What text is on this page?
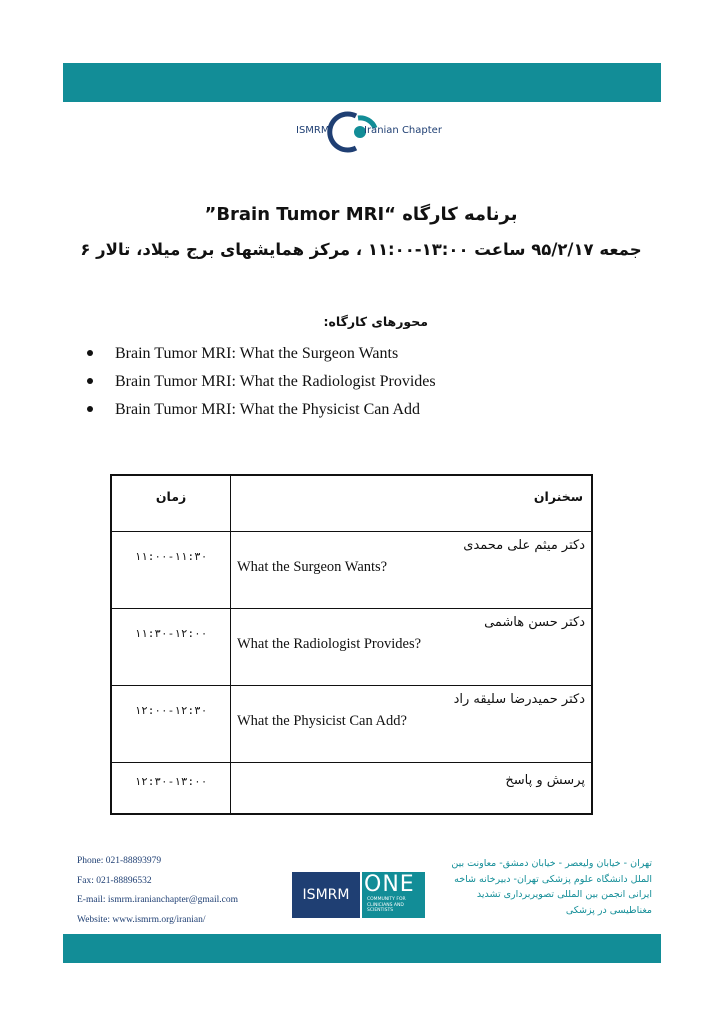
ISMRM	Iranian Chapter
برنامه کارگاه “Brain Tumor MRI”
جمعه ۹۵/۲/۱۷ ساعت ۱۳:۰۰-۱۱:۰۰ ، مرکز همایشهای برج میلاد، تالار ۶
محورهای کارگاه:
Brain Tumor MRI: What the Surgeon Wants
Brain Tumor MRI: What the Radiologist Provides
Brain Tumor MRI: What the Physicist Can Add
زمان	سخنران
۱۱:۰۰-۱۱:۳۰	دکتر میثم علی محمدی
What the Surgeon Wants?

۱۱:۳۰-۱۲:۰۰	دکتر حسن هاشمی
What the Radiologist Provides?

۱۲:۰۰-۱۲:۳۰	دکتر حمیدرضا سلیقه راد
What the Physicist Can Add?

۱۲:۳۰-۱۳:۰۰	پرسش و پاسخ
Phone: 021-88893979
Fax: 021-88896532
E-mail: ismrm.iranianchapter@gmail.com
Website: www.ismrm.org/iranian/
ISMRM ONE
COMMUNITY FOR CLINICIANS AND SCIENTISTS
تهران - خیابان ولیعصر - خیابان دمشق- معاونت بین الملل دانشگاه علوم پزشکی تهران- دبیرخانه شاخه ایرانی انجمن بین المللی تصویربرداری تشدید مغناطیسی در پزشکی
